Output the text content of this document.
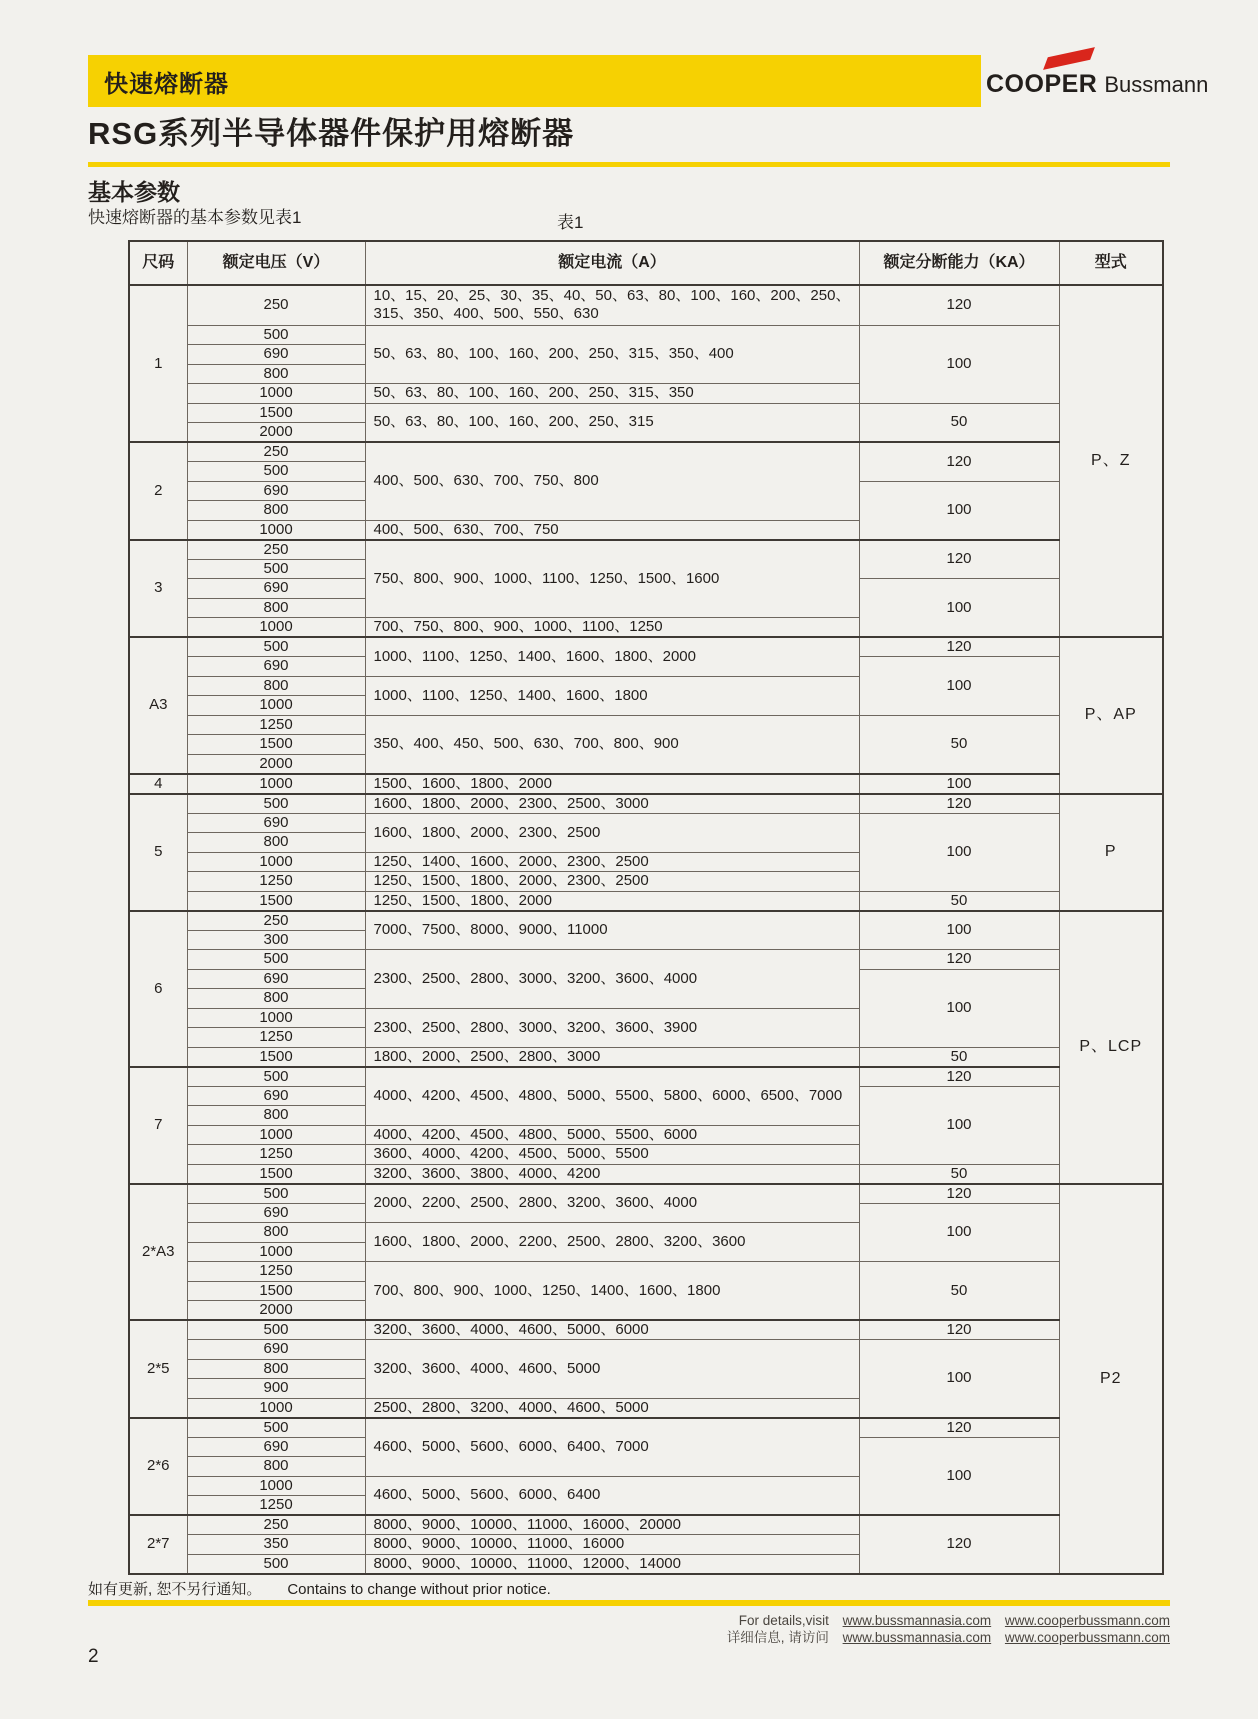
快速熔断器	COOPER Bussmann
RSG系列半导体器件保护用熔断器
基本参数
快速熔断器的基本参数见表1	表1
尺码	额定电压（V）	额定电流（A）	额定分断能力（KA）	型式
1	250	10、15、20、25、30、35、40、50、63、80、100、160、200、250、315、350、400、500、550、630	120	P、Z
	500	50、63、80、100、160、200、250、315、350、400	100	
	690			
	800			
	1000	50、63、80、100、160、200、250、315、350		
	1500	50、63、80、100、160、200、250、315	50	
	2000			
2	250	400、500、630、700、750、800	120	
	500			
	690		100	
	800			
	1000	400、500、630、700、750		
3	250	750、800、900、1000、1100、1250、1500、1600	120	
	500			
	690		100	
	800			
	1000	700、750、800、900、1000、1100、1250		
A3	500	1000、1100、1250、1400、1600、1800、2000	120	P、AP
	690		100	
	800	1000、1100、1250、1400、1600、1800		
	1000			
	1250	350、400、450、500、630、700、800、900	50	
	1500			
	2000			
4	1000	1500、1600、1800、2000	100	
5	500	1600、1800、2000、2300、2500、3000	120	P
	690	1600、1800、2000、2300、2500	100	
	800			
	1000	1250、1400、1600、2000、2300、2500		
	1250	1250、1500、1800、2000、2300、2500		
	1500	1250、1500、1800、2000	50	
6	250	7000、7500、8000、9000、11000	100	P、LCP
	300			
	500	2300、2500、2800、3000、3200、3600、4000	120	
	690		100	
	800			
	1000	2300、2500、2800、3000、3200、3600、3900		
	1250			
	1500	1800、2000、2500、2800、3000	50	
7	500	4000、4200、4500、4800、5000、5500、5800、6000、6500、7000	120	
	690		100	
	800			
	1000	4000、4200、4500、4800、5000、5500、6000		
	1250	3600、4000、4200、4500、5000、5500		
	1500	3200、3600、3800、4000、4200	50	
2*A3	500	2000、2200、2500、2800、3200、3600、4000	120	P2
	690		100	
	800	1600、1800、2000、2200、2500、2800、3200、3600		
	1000			
	1250	700、800、900、1000、1250、1400、1600、1800	50	
	1500			
	2000			
2*5	500	3200、3600、4000、4600、5000、6000	120	
	690	3200、3600、4000、4600、5000	100	
	800			
	900			
	1000	2500、2800、3200、4000、4600、5000		
2*6	500	4600、5000、5600、6000、6400、7000	120	
	690		100	
	800			
	1000	4600、5000、5600、6000、6400		
	1250			
2*7	250	8000、9000、10000、11000、16000、20000	120	
	350	8000、9000、10000、11000、16000		
	500	8000、9000、10000、11000、12000、14000		
如有更新, 恕不另行通知。 Contains to change without prior notice.
For details,visit www.bussmannasia.com www.cooperbussmann.com
详细信息, 请访问 www.bussmannasia.com www.cooperbussmann.com
2
